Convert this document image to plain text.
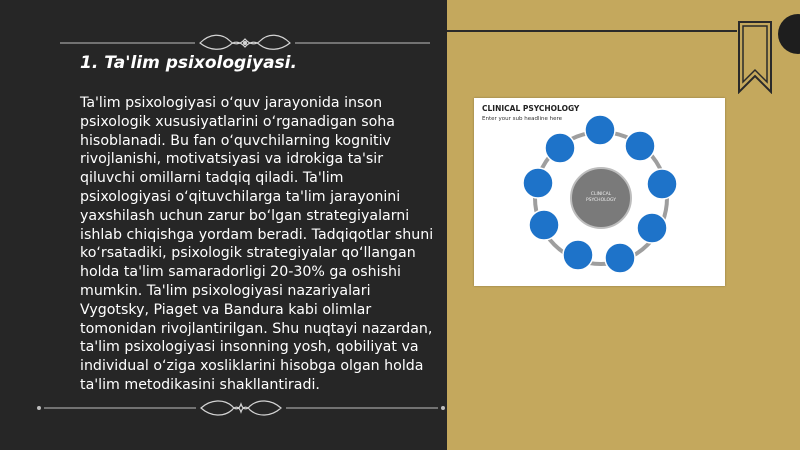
1. Ta'lim psixologiyasi.

Ta'lim psixologiyasi o‘quv jarayonida inson psixologik xususiyatlarini o‘rganadigan soha hisoblanadi. Bu fan o‘quvchilarning kognitiv rivojlanishi, motivatsiyasi va idrokiga ta'sir qiluvchi omillarni tadqiq qiladi. Ta'lim psixologiyasi o‘qituvchilarga ta'lim jarayonini yaxshilash uchun zarur bo‘lgan strategiyalarni ishlab chiqishga yordam beradi. Tadqiqotlar shuni ko‘rsatadiki, psixologik strategiyalar qo‘llangan holda ta'lim samaradorligi 20-30% ga oshishi mumkin. Ta'lim psixologiyasi nazariyalari Vygotsky, Piaget va Bandura kabi olimlar tomonidan rivojlantirilgan. Shu nuqtayi nazardan, ta'lim psixologiyasi insonning yosh, qobiliyat va individual o‘ziga xosliklarini hisobga olgan holda ta'lim metodikasini shakllantiradi.

CLINICAL PSYCHOLOGY

Enter your sub headline here

CLINICAL
PSYCHOLOGY
